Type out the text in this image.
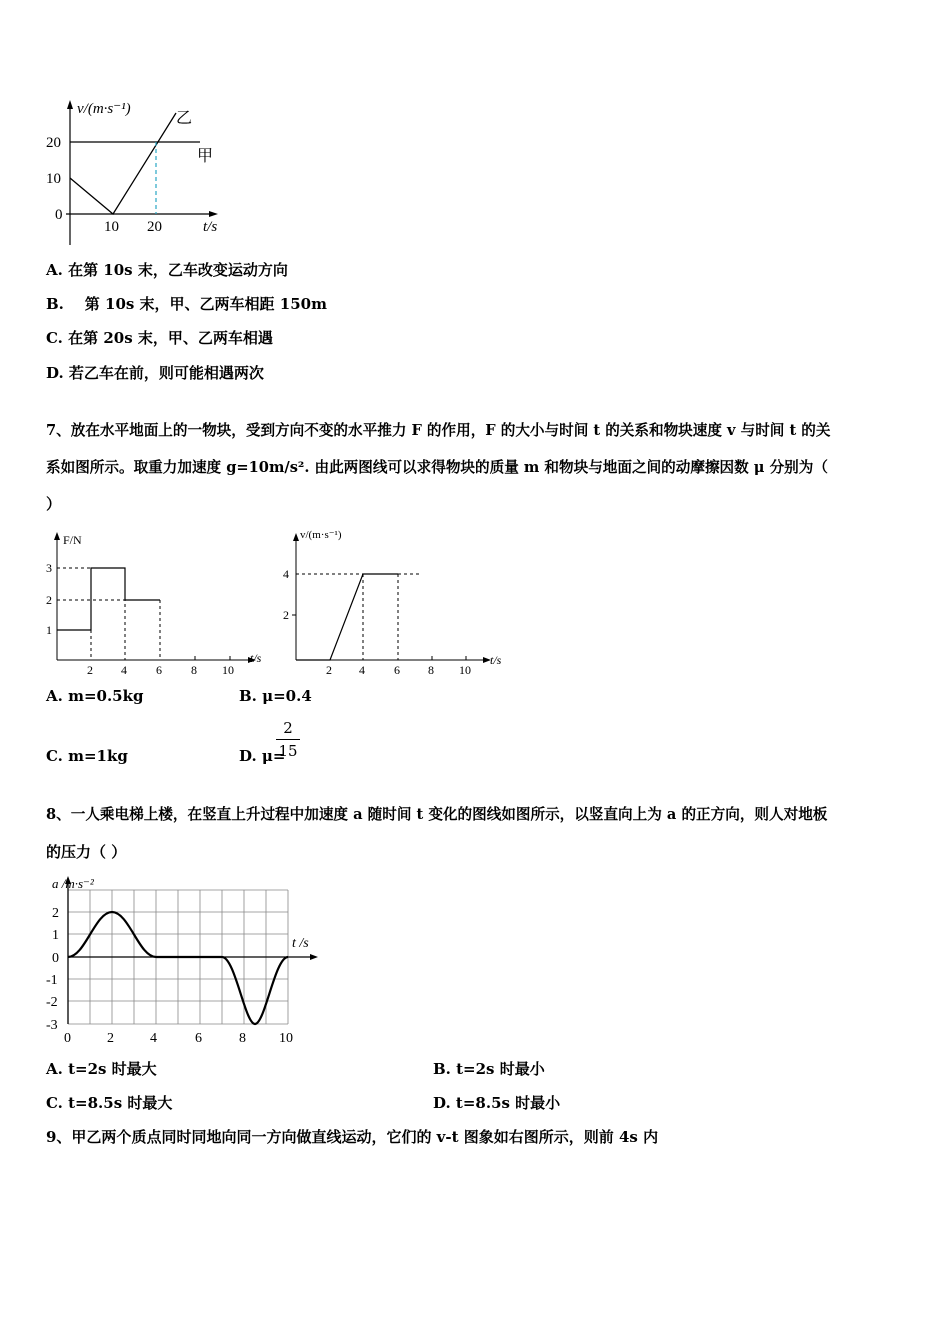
v/(m·s⁻¹)
20
10
0
10 20	t/s
乙
甲
A. 在第 10s 末，乙车改变运动方向
B.    第 10s 末，甲、乙两车相距 150m
C. 在第 20s 末，甲、乙两车相遇
D. 若乙车在前，则可能相遇两次
7、放在水平地面上的一物块，受到方向不变的水平推力 F 的作用，F 的大小与时间 t 的关系和物块速度 v 与时间 t 的关
系如图所示。取重力加速度 g=10m/s². 由此两图线可以求得物块的质量 m 和物块与地面之间的动摩擦因数 μ 分别为（
）
F/N
3
2
1
2 4 6 8 10
t/s
v/(m·s⁻¹)
4
2
2 4 6 8 10
t/s
A. m=0.5kg	B. μ=0.4
C. m=1kg	D. μ=
2
15
8、一人乘电梯上楼，在竖直上升过程中加速度 a 随时间 t 变化的图线如图所示，以竖直向上为 a 的正方向，则人对地板
的压力（ ）
a /m·s⁻²
2
1
0
-1
-2
-3
0	2	4	6	8 10
t /s
A. t=2s 时最大	B. t=2s 时最小
C. t=8.5s 时最大	D. t=8.5s 时最小
9、甲乙两个质点同时同地向同一方向做直线运动，它们的 v-t 图象如右图所示，则前 4s 内
